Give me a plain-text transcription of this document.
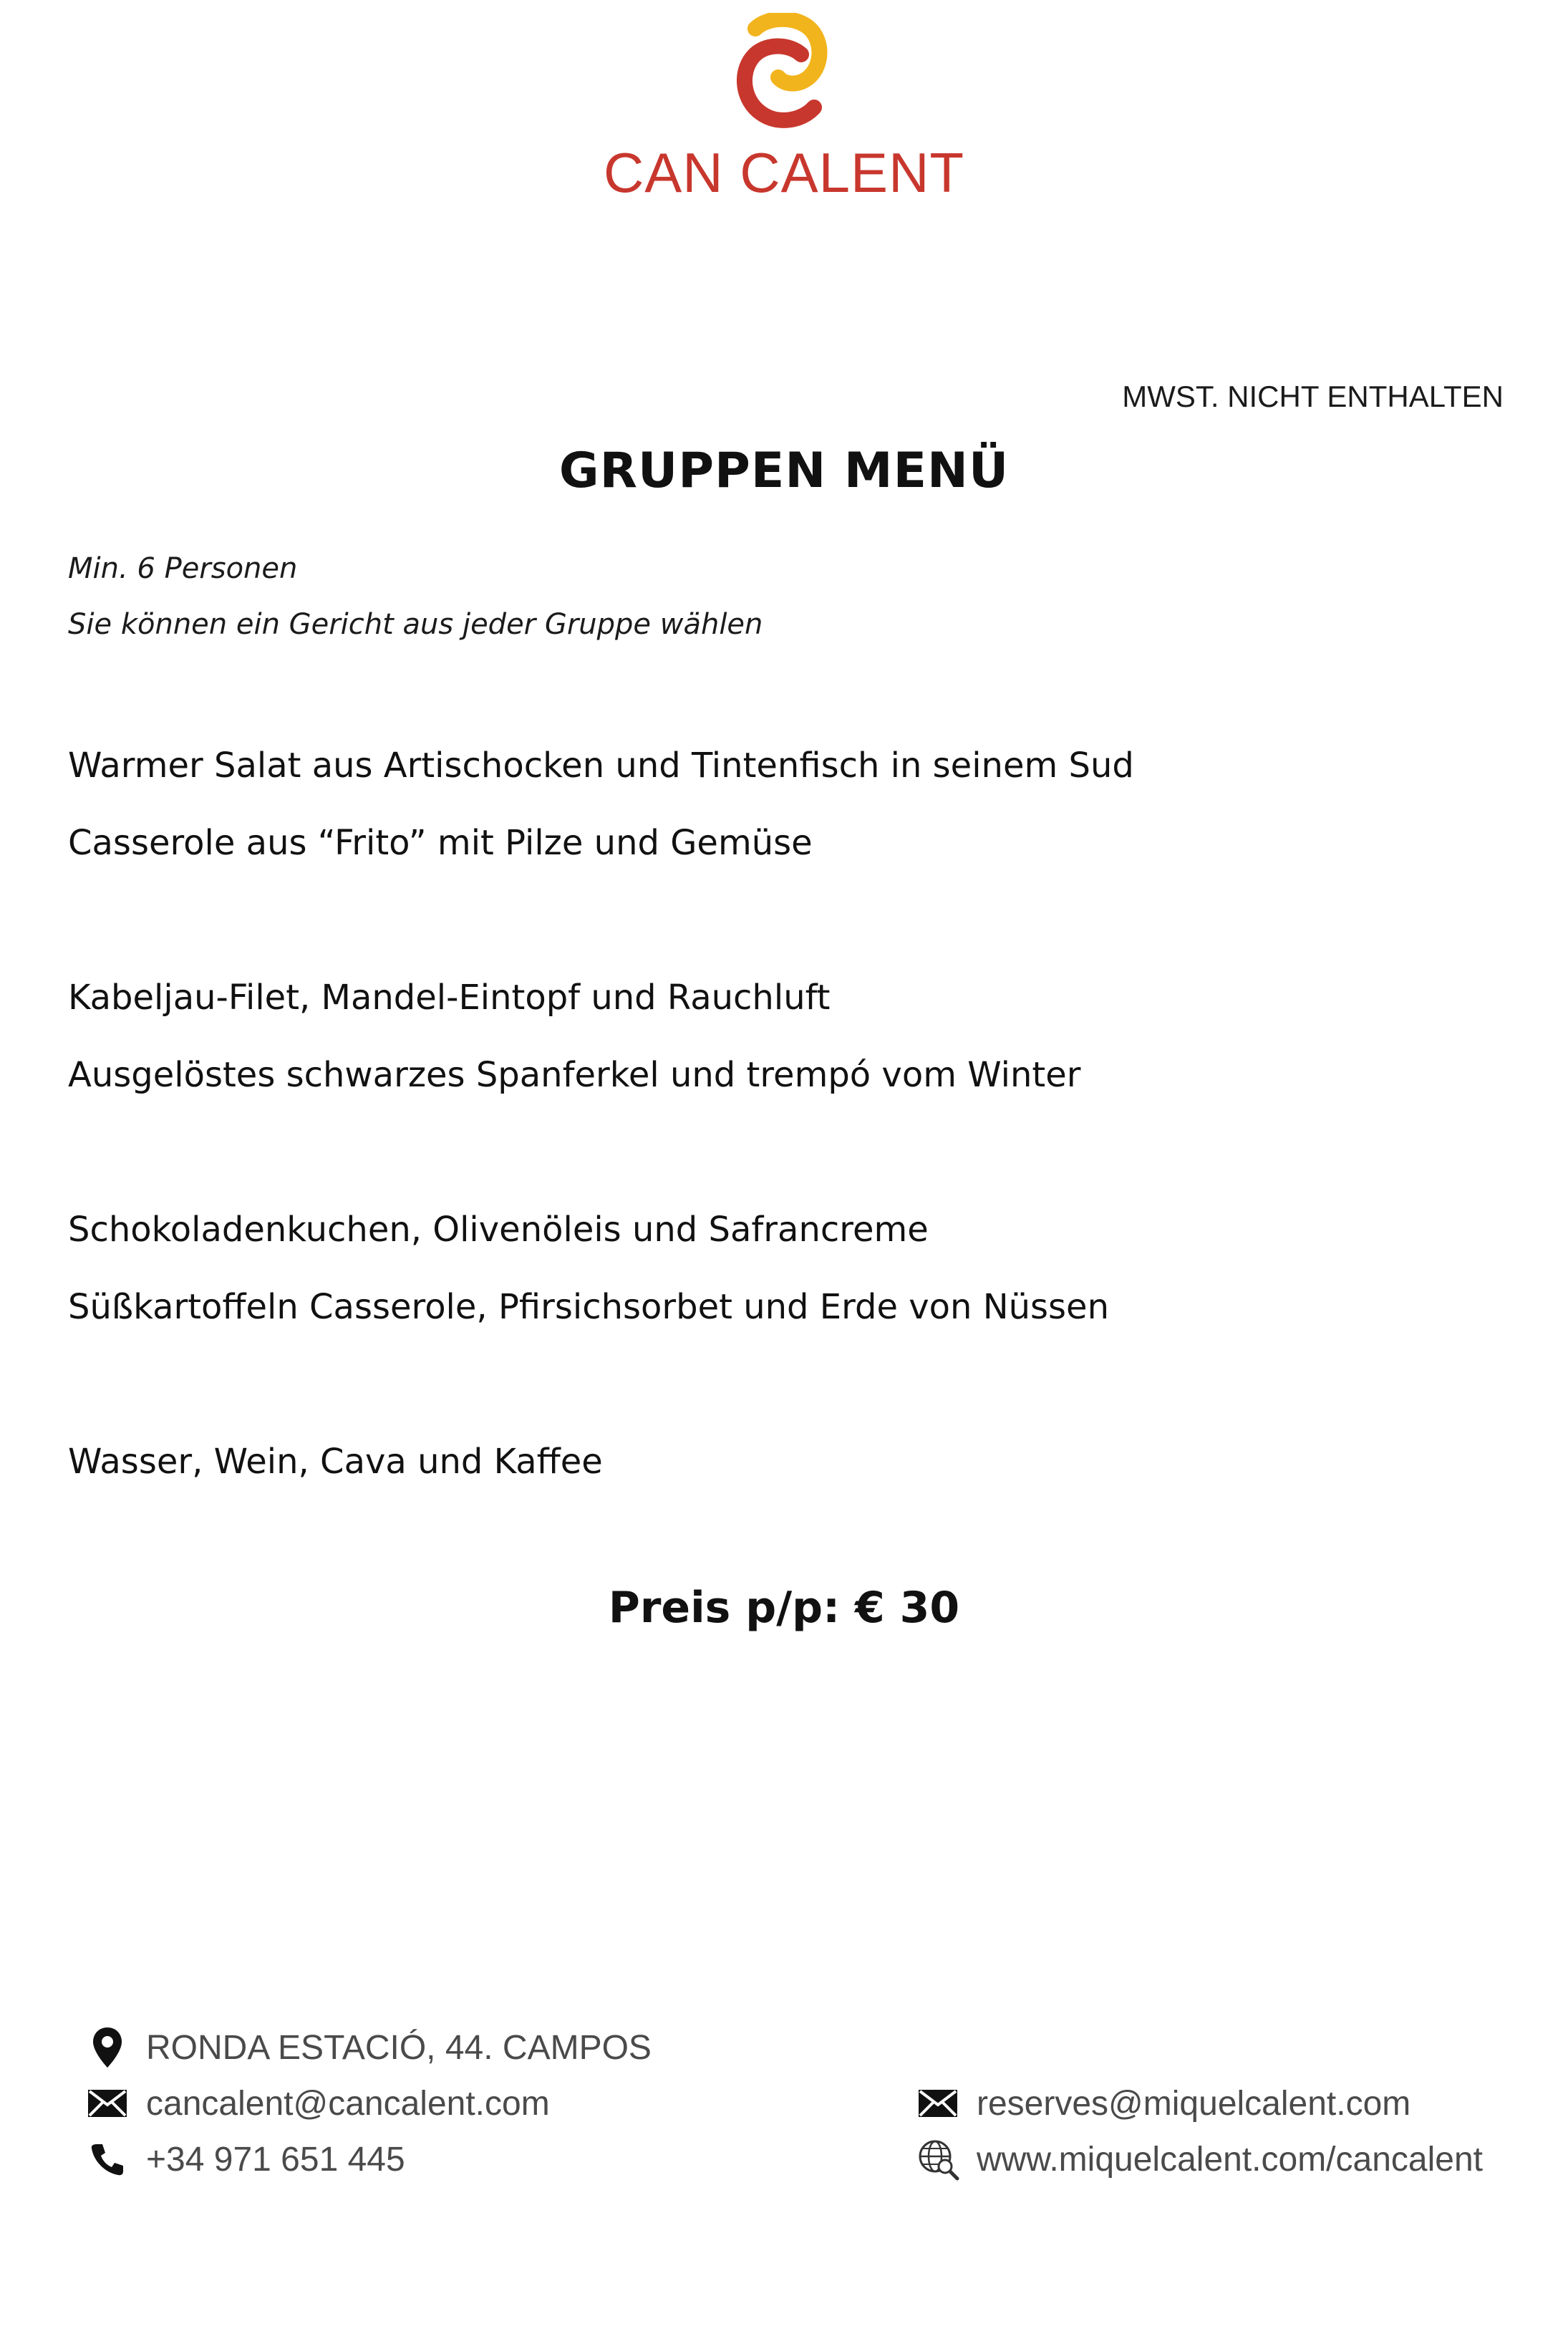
CAN CALENT
MWST. NICHT ENTHALTEN
GRUPPEN MENÜ
Min. 6 Personen
Sie können ein Gericht aus jeder Gruppe wählen
Warmer Salat aus Artischocken und Tintenfisch in seinem Sud
Casserole aus “Frito” mit Pilze und Gemüse
Kabeljau-Filet, Mandel-Eintopf und Rauchluft
Ausgelöstes schwarzes Spanferkel und trempó vom Winter
Schokoladenkuchen, Olivenöleis und Safrancreme
Süßkartoffeln Casserole, Pfirsichsorbet und Erde von Nüssen
Wasser, Wein, Cava und Kaffee
Preis p/p: € 30
RONDA ESTACIÓ, 44. CAMPOS
cancalent@cancalent.com
+34 971 651 445
reserves@miquelcalent.com
www.miquelcalent.com/cancalent
